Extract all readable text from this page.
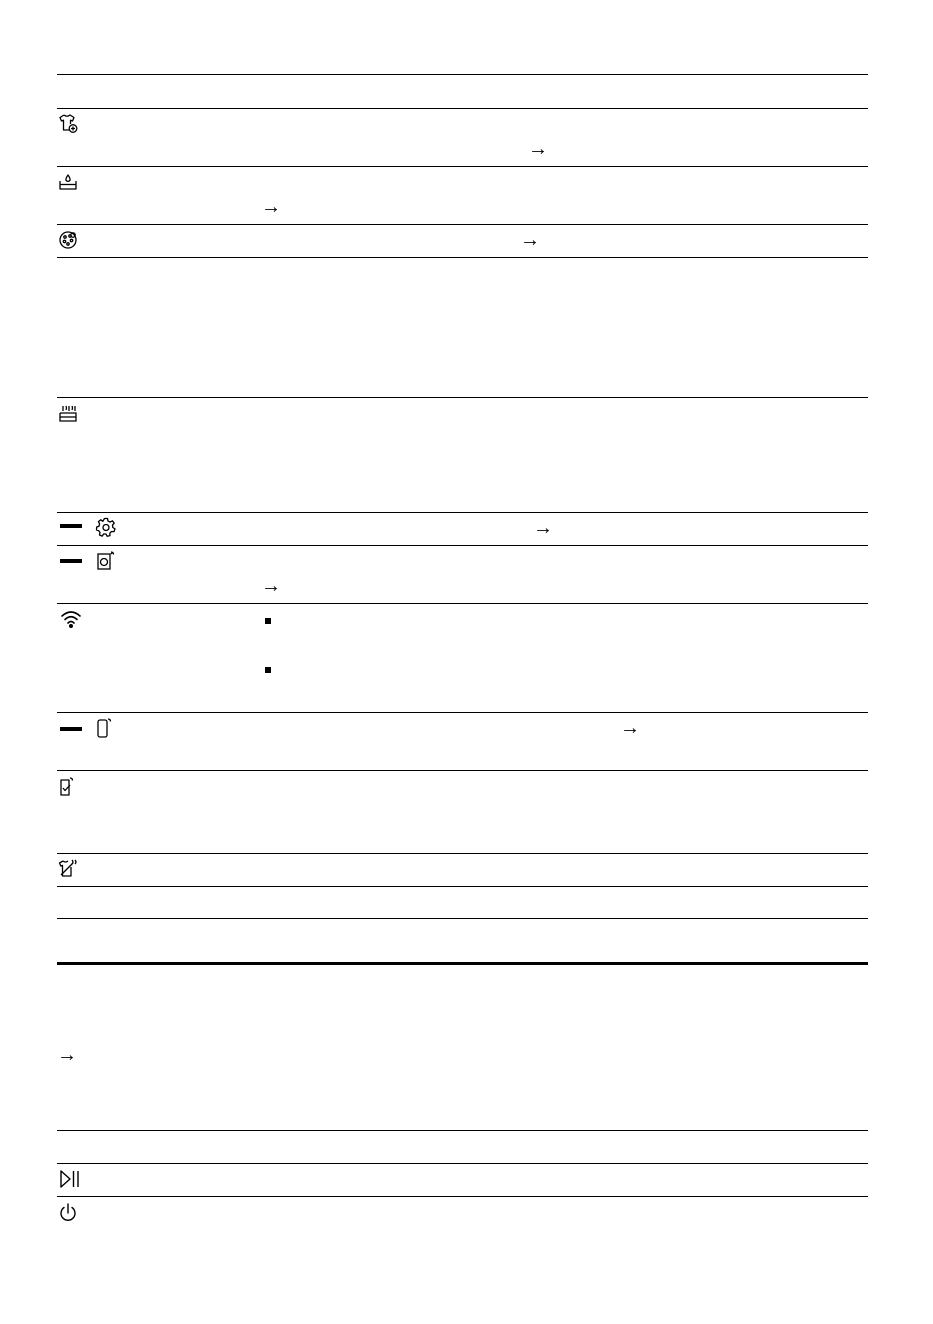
→
→
→
→
→
→
→
